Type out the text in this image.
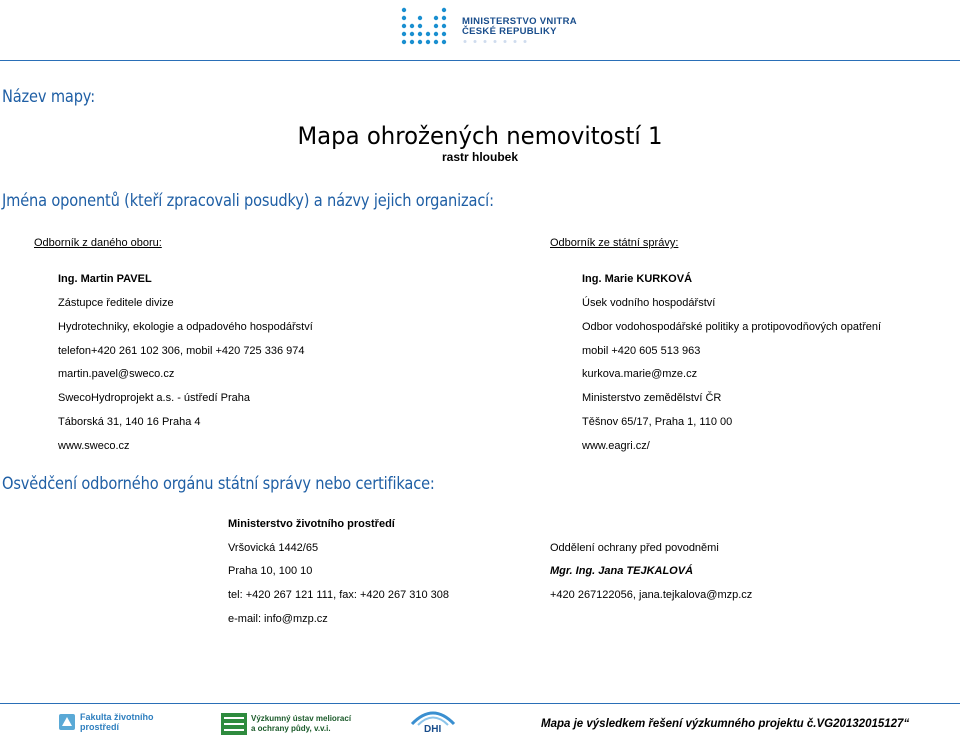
MINISTERSTVO VNITRA
ČESKÉ REPUBLIKY
Název mapy:
Mapa ohrožených nemovitostí 1
rastr hloubek
Jména oponentů (kteří zpracovali posudky) a názvy jejich organizací:
Odborník z daného oboru:	Odborník ze státní správy:
Ing. Martin PAVEL
Zástupce ředitele divize
Hydrotechniky, ekologie a odpadového hospodářství
telefon+420 261 102 306, mobil +420 725 336 974
martin.pavel@sweco.cz
SwecoHydroprojekt a.s. - ústředí Praha
Táborská 31, 140 16 Praha 4
www.sweco.cz
Ing. Marie KURKOVÁ
Úsek vodního hospodářství
Odbor vodohospodářské politiky a protipovodňových opatření
mobil +420 605 513 963
kurkova.marie@mze.cz
Ministerstvo zemědělství ČR
Těšnov 65/17, Praha 1, 110 00
www.eagri.cz/
Osvědčení odborného orgánu státní správy nebo certifikace:
Ministerstvo životního prostředí
Vršovická 1442/65
Praha 10, 100 10
tel: +420 267 121 111, fax: +420 267 310 308
e-mail: info@mzp.cz
Oddělení ochrany před povodněmi
Mgr. Ing. Jana TEJKALOVÁ
+420 267122056, jana.tejkalova@mzp.cz
Fakulta životního
prostředí
Výzkumný ústav meliorací
a ochrany půdy, v.v.i.	DHI	Mapa je výsledkem řešení výzkumného projektu č.VG20132015127“
